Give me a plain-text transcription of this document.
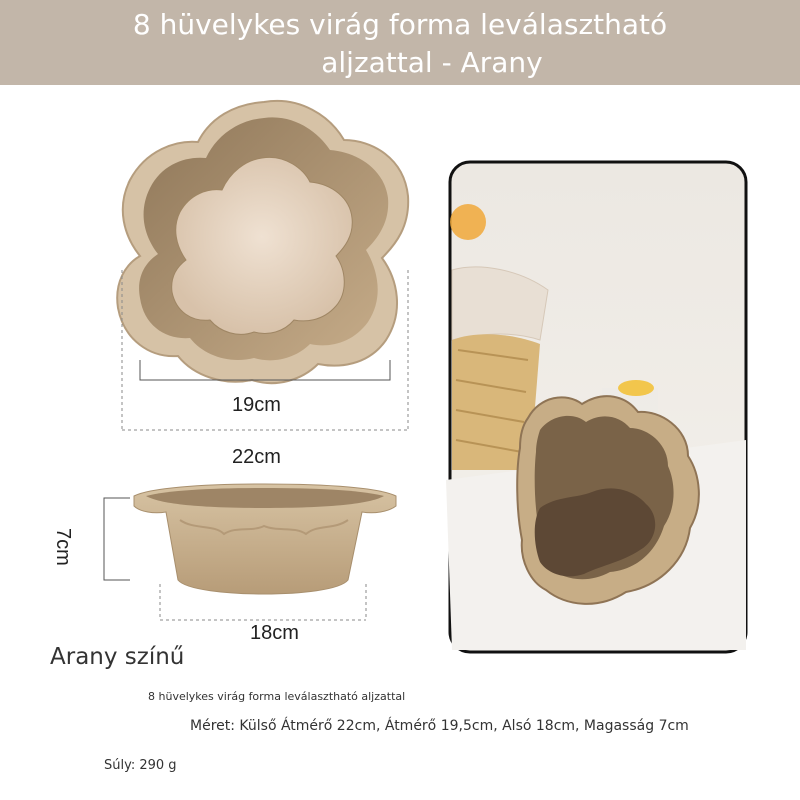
8 hüvelykes virág forma leválasztható
aljzattal - Arany
19cm
22cm
7cm
18cm
Arany színű
8 hüvelykes virág forma leválasztható aljzattal
Méret: Külső Átmérő 22cm, Átmérő 19,5cm, Alsó 18cm, Magasság 7cm
Súly: 290 g
